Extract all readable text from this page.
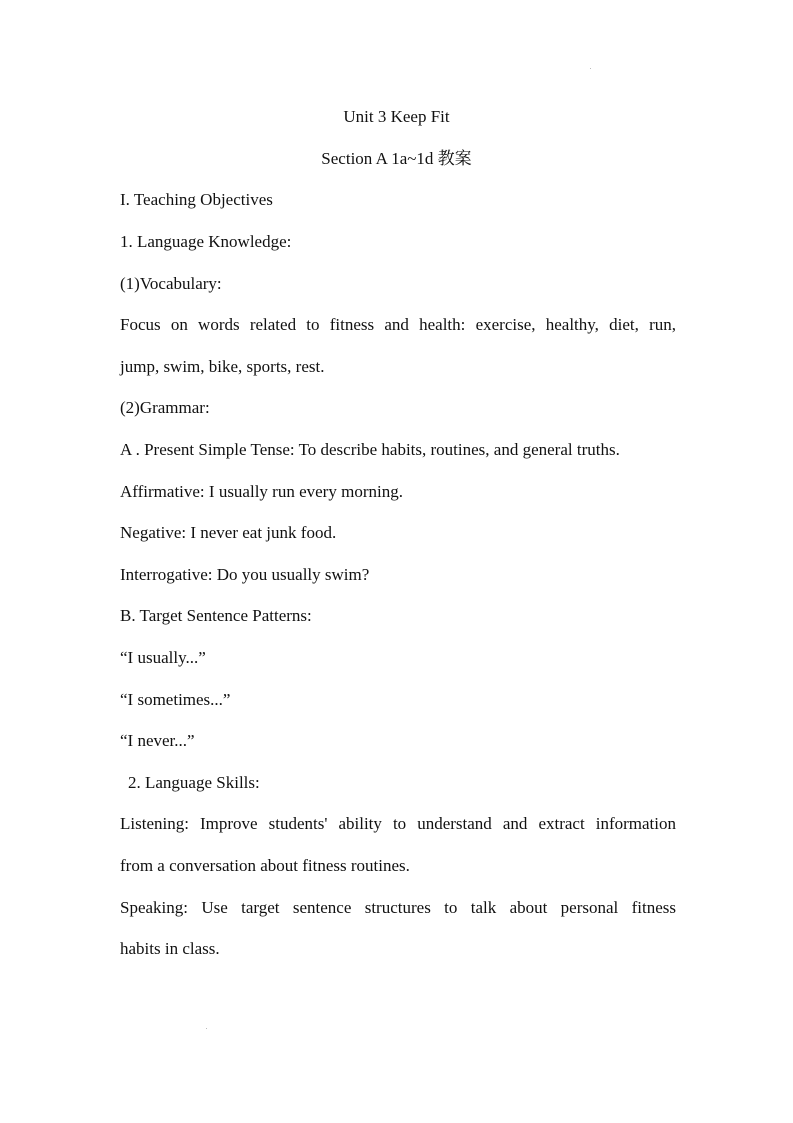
Unit 3 Keep Fit
Section A 1a~1d 教案
I. Teaching Objectives
1. Language Knowledge:
(1)Vocabulary:
Focus on words related to fitness and health: exercise, healthy, diet, run,
jump, swim, bike, sports, rest.
(2)Grammar:
A . Present Simple Tense: To describe habits, routines, and general truths.
Affirmative: I usually run every morning.
Negative: I never eat junk food.
Interrogative: Do you usually swim?
B. Target Sentence Patterns:
“I usually...”
“I sometimes...”
“I never...”
2. Language Skills:
Listening: Improve students' ability to understand and extract information
from a conversation about fitness routines.
Speaking: Use target sentence structures to talk about personal fitness
habits in class.
